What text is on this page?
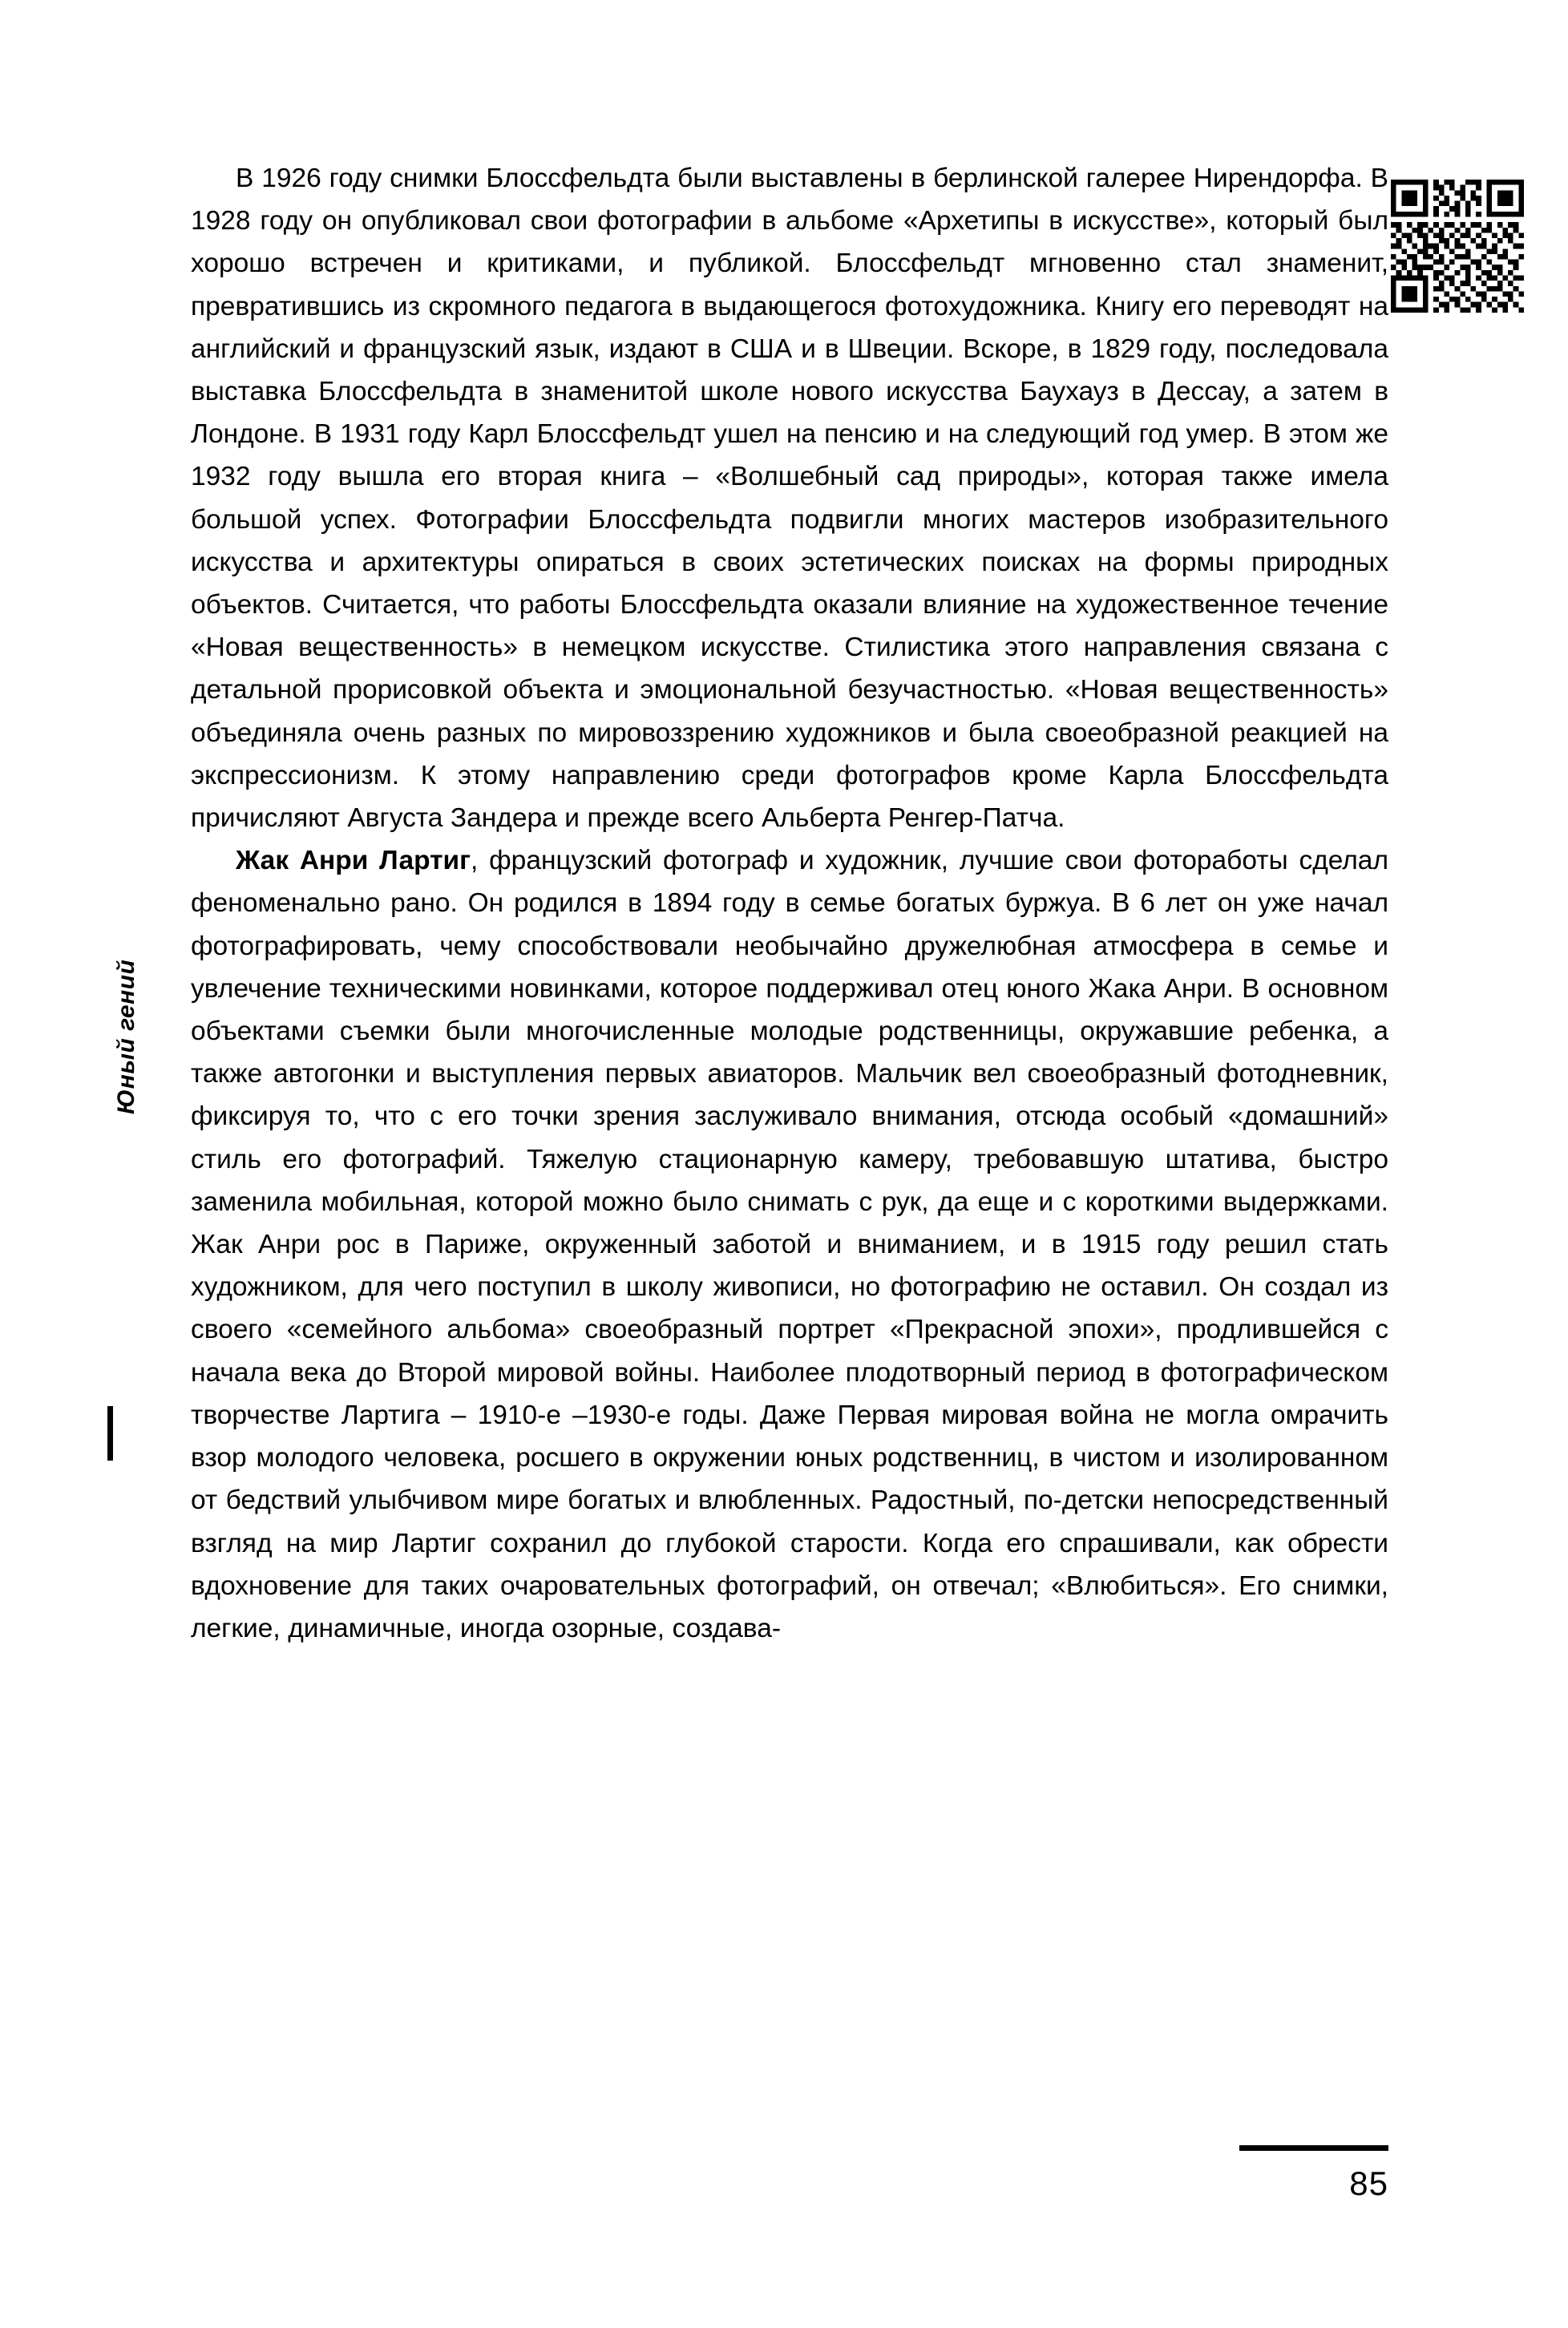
Юный гений

В 1926 году снимки Блоссфельдта были выставлены в берлинской галерее Нирендорфа. В 1928 году он опубликовал свои фотографии в альбоме «Архетипы в искусстве», который был хорошо встречен и критиками, и публикой. Блоссфельдт мгновенно стал знаменит, превратившись из скромного педагога в выдающегося фотохудожника. Книгу его переводят на английский и французский язык, издают в США и в Швеции. Вскоре, в 1829 году, последовала выставка Блоссфельдта в знаменитой школе нового искусства Баухауз в Дессау, а затем в Лондоне. В 1931 году Карл Блоссфельдт ушел на пенсию и на следующий год умер. В этом же 1932 году вышла его вторая книга – «Волшебный сад природы», которая также имела большой успех. Фотографии Блоссфельдта подвигли многих мастеров изобразительного искусства и архитектуры опираться в своих эстетических поисках на формы природных объектов. Считается, что работы Блоссфельдта оказали влияние на художественное течение «Новая вещественность» в немецком искусстве. Стилистика этого направления связана с детальной прорисовкой объекта и эмоциональной безучастностью. «Новая вещественность» объединяла очень разных по мировоззрению художников и была своеобразной реакцией на экспрессионизм. К этому направлению среди фотографов кроме Карла Блоссфельдта причисляют Августа Зандера и прежде всего Альберта Ренгер-Патча.

Жак Анри Лартиг, французский фотограф и художник, лучшие свои фотоработы сделал феноменально рано. Он родился в 1894 году в семье богатых буржуа. В 6 лет он уже начал фотографировать, чему способствовали необычайно дружелюбная атмосфера в семье и увлечение техническими новинками, которое поддерживал отец юного Жака Анри. В основном объектами съемки были многочисленные молодые родственницы, окружавшие ребенка, а также автогонки и выступления первых авиаторов. Мальчик вел своеобразный фотодневник, фиксируя то, что с его точки зрения заслуживало внимания, отсюда особый «домашний» стиль его фотографий. Тяжелую стационарную камеру, требовавшую штатива, быстро заменила мобильная, которой можно было снимать с рук, да еще и с короткими выдержками. Жак Анри рос в Париже, окруженный заботой и вниманием, и в 1915 году решил стать художником, для чего поступил в школу живописи, но фотографию не оставил. Он создал из своего «семейного альбома» своеобразный портрет «Прекрасной эпохи», продлившейся с начала века до Второй мировой войны. Наиболее плодотворный период в фотографическом творчестве Лартига – 1910-е –1930-е годы. Даже Первая мировая война не могла омрачить взор молодого человека, росшего в окружении юных родственниц, в чистом и изолированном от бедствий улыбчивом мире богатых и влюбленных. Радостный, по-детски непосредственный взгляд на мир Лартиг сохранил до глубокой старости. Когда его спрашивали, как обрести вдохновение для таких очаровательных фотографий, он отвечал; «Влюбиться». Его снимки, легкие, динамичные, иногда озорные, создава-

85
